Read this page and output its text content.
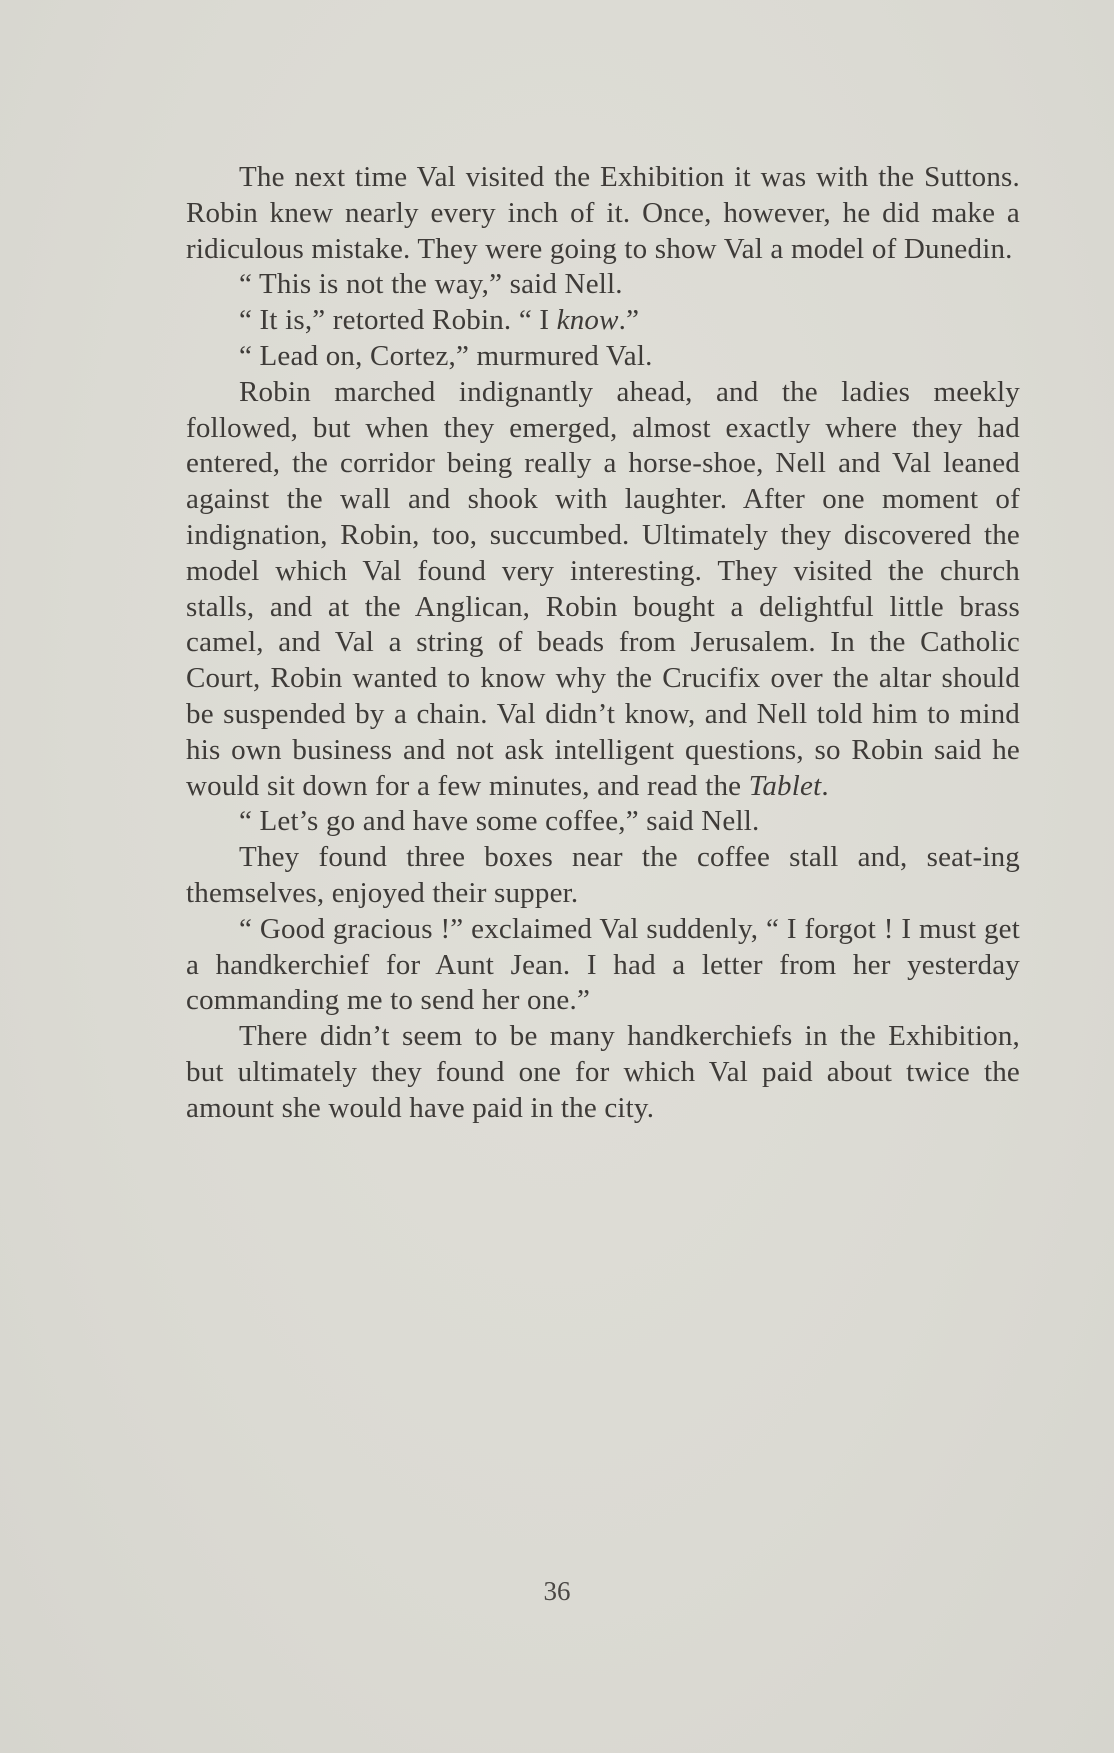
The next time Val visited the Exhibition it was with the Suttons. Robin knew nearly every inch of it. Once, however, he did make a ridiculous mistake. They were going to show Val a model of Dunedin.

“ This is not the way,” said Nell.

“ It is,” retorted Robin. “ I know.”

“ Lead on, Cortez,” murmured Val.

Robin marched indignantly ahead, and the ladies meekly followed, but when they emerged, almost exactly where they had entered, the corridor being really a horse-shoe, Nell and Val leaned against the wall and shook with laughter. After one moment of indignation, Robin, too, succumbed. Ultimately they discovered the model which Val found very interesting. They visited the church stalls, and at the Anglican, Robin bought a delightful little brass camel, and Val a string of beads from Jerusalem. In the Catholic Court, Robin wanted to know why the Crucifix over the altar should be suspended by a chain. Val didn’t know, and Nell told him to mind his own business and not ask intelligent questions, so Robin said he would sit down for a few minutes, and read the Tablet.

“ Let’s go and have some coffee,” said Nell.

They found three boxes near the coffee stall and, seat-ing themselves, enjoyed their supper.

“ Good gracious !” exclaimed Val suddenly, “ I forgot ! I must get a handkerchief for Aunt Jean. I had a letter from her yesterday commanding me to send her one.”

There didn’t seem to be many handkerchiefs in the Exhibition, but ultimately they found one for which Val paid about twice the amount she would have paid in the city.

36
